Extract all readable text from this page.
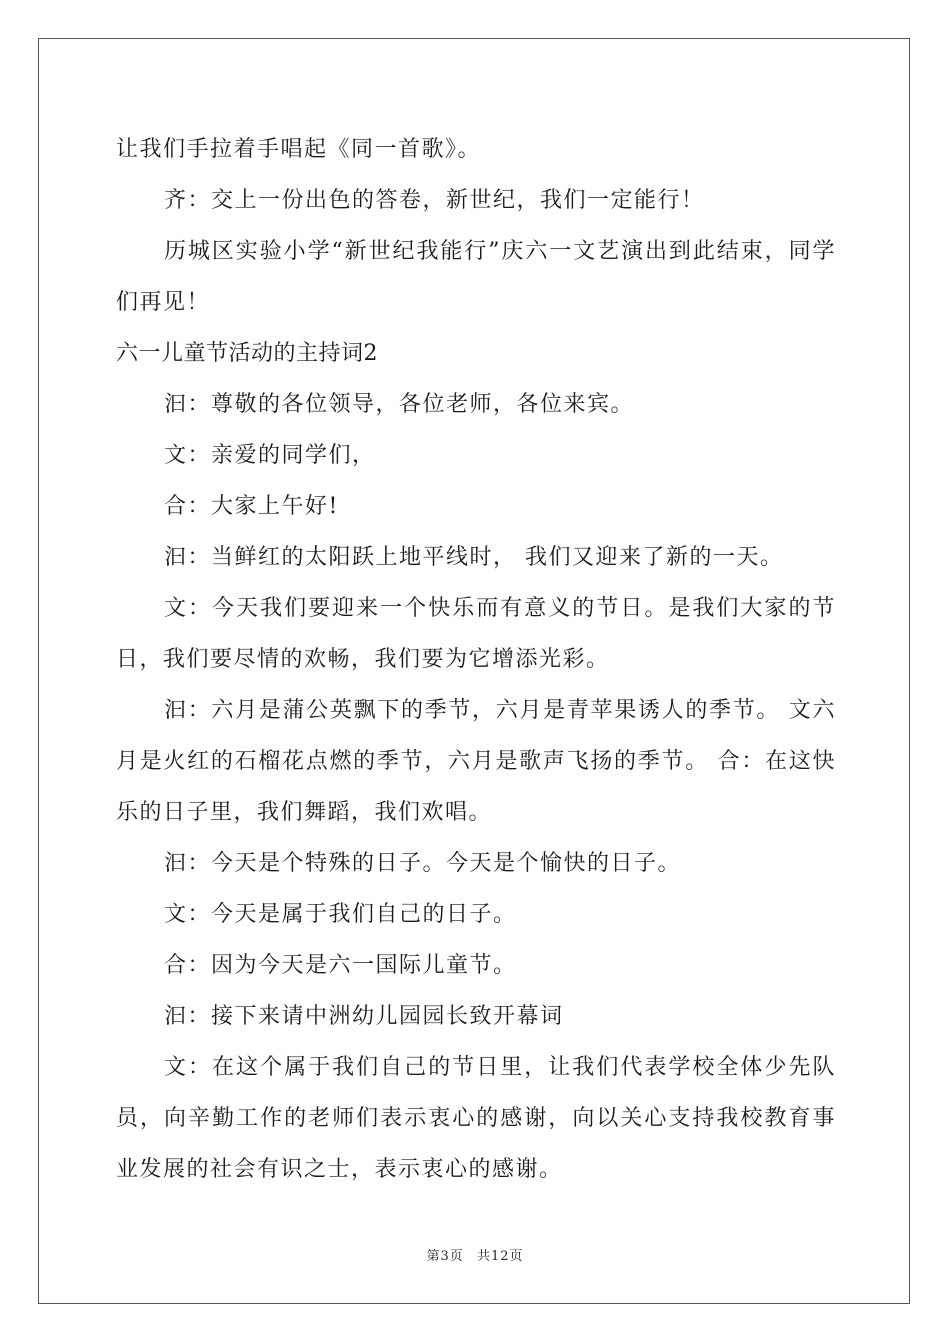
让我们手拉着手唱起《同一首歌》。

齐：交上一份出色的答卷，新世纪，我们一定能行！

历城区实验小学“新世纪我能行”庆六一文艺演出到此结束，同学们再见！

六一儿童节活动的主持词2

汩：尊敬的各位领导，各位老师，各位来宾。

文：亲爱的同学们，

合：大家上午好!

汩：当鲜红的太阳跃上地平线时， 我们又迎来了新的一天。

文：今天我们要迎来一个快乐而有意义的节日。是我们大家的节日，我们要尽情的欢畅，我们要为它增添光彩。

汩：六月是蒲公英飘下的季节，六月是青苹果诱人的季节。 文六月是火红的石榴花点燃的季节，六月是歌声飞扬的季节。 合：在这快乐的日子里，我们舞蹈，我们欢唱。

汩：今天是个特殊的日子。今天是个愉快的日子。

文：今天是属于我们自己的日子。

合：因为今天是六一国际儿童节。

汩：接下来请中洲幼儿园园长致开幕词

文：在这个属于我们自己的节日里，让我们代表学校全体少先队员，向辛勤工作的老师们表示衷心的感谢，向以关心支持我校教育事业发展的社会有识之士，表示衷心的感谢。

第3页 共12页
